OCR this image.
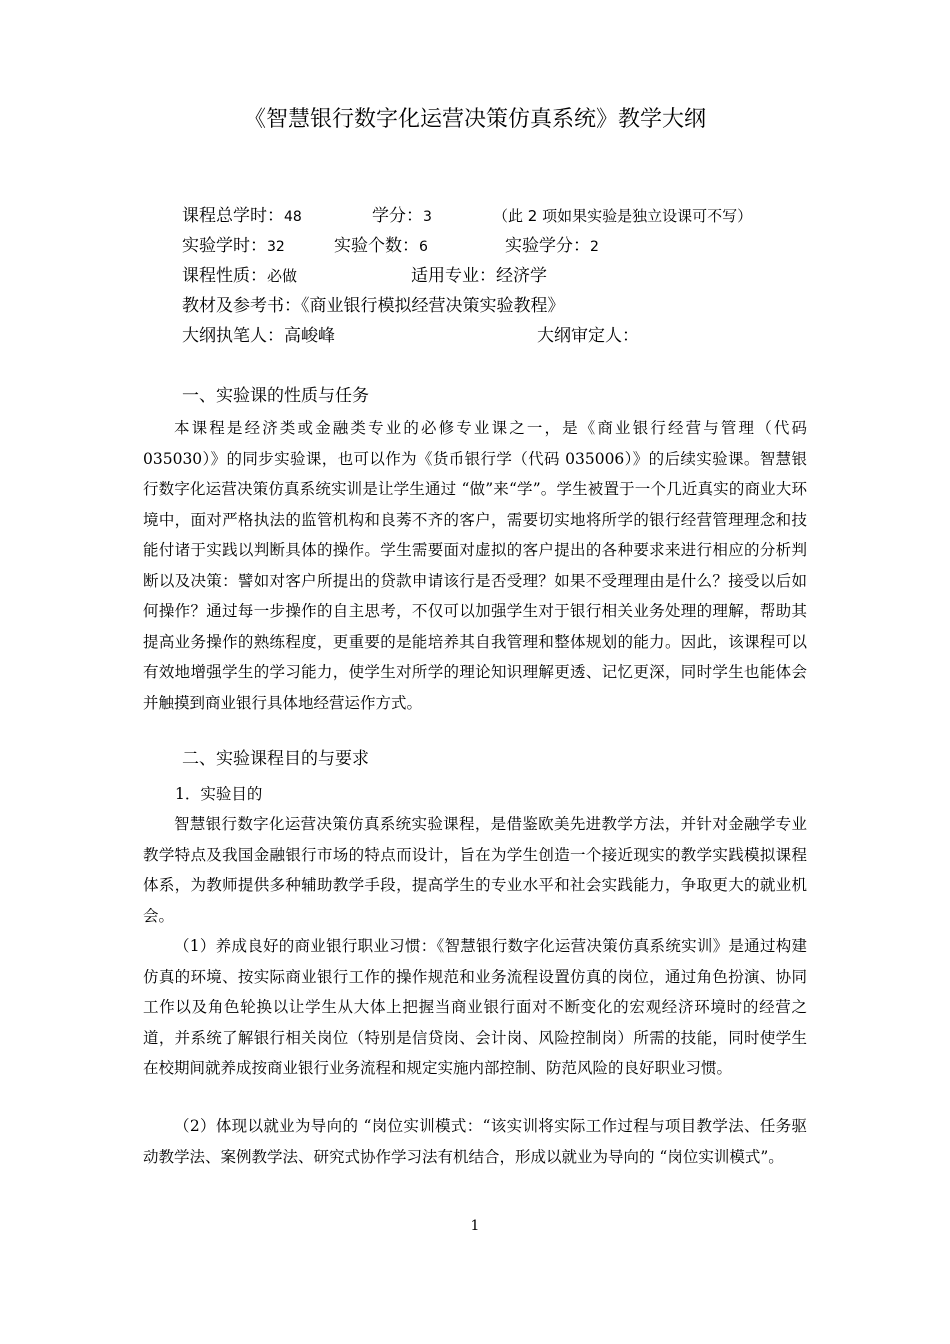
《智慧银行数字化运营决策仿真系统》教学大纲
课程总学时：48	学分：3	（此 2 项如果实验是独立设课可不写）
实验学时：32	实验个数：6	实验学分：2
课程性质：必做	适用专业：经济学
教材及参考书：《商业银行模拟经营决策实验教程》
大纲执笔人：高峻峰	大纲审定人：
一、实验课的性质与任务

本课程是经济类或金融类专业的必修专业课之一，是《商业银行经营与管理（代码 035030）》的同步实验课，也可以作为《货币银行学（代码 035006）》的后续实验课。智慧银行数字化运营决策仿真系统实训是让学生通过 “做”来“学”。学生被置于一个几近真实的商业大环境中，面对严格执法的监管机构和良莠不齐的客户，需要切实地将所学的银行经营管理理念和技能付诸于实践以判断具体的操作。学生需要面对虚拟的客户提出的各种要求来进行相应的分析判断以及决策：譬如对客户所提出的贷款申请该行是否受理？如果不受理理由是什么？接受以后如何操作？通过每一步操作的自主思考，不仅可以加强学生对于银行相关业务处理的理解，帮助其提高业务操作的熟练程度，更重要的是能培养其自我管理和整体规划的能力。因此，该课程可以有效地增强学生的学习能力，使学生对所学的理论知识理解更透、记忆更深，同时学生也能体会并触摸到商业银行具体地经营运作方式。

二、实验课程目的与要求
1．实验目的

智慧银行数字化运营决策仿真系统实验课程，是借鉴欧美先进教学方法，并针对金融学专业教学特点及我国金融银行市场的特点而设计，旨在为学生创造一个接近现实的教学实践模拟课程体系，为教师提供多种辅助教学手段，提高学生的专业水平和社会实践能力，争取更大的就业机会。

（1）养成良好的商业银行职业习惯：《智慧银行数字化运营决策仿真系统实训》是通过构建仿真的环境、按实际商业银行工作的操作规范和业务流程设置仿真的岗位，通过角色扮演、协同工作以及角色轮换以让学生从大体上把握当商业银行面对不断变化的宏观经济环境时的经营之道，并系统了解银行相关岗位（特别是信贷岗、会计岗、风险控制岗）所需的技能，同时使学生在校期间就养成按商业银行业务流程和规定实施内部控制、防范风险的良好职业习惯。

（2）体现以就业为导向的 “岗位实训模式：“该实训将实际工作过程与项目教学法、任务驱动教学法、案例教学法、研究式协作学习法有机结合，形成以就业为导向的 “岗位实训模式”。

1
